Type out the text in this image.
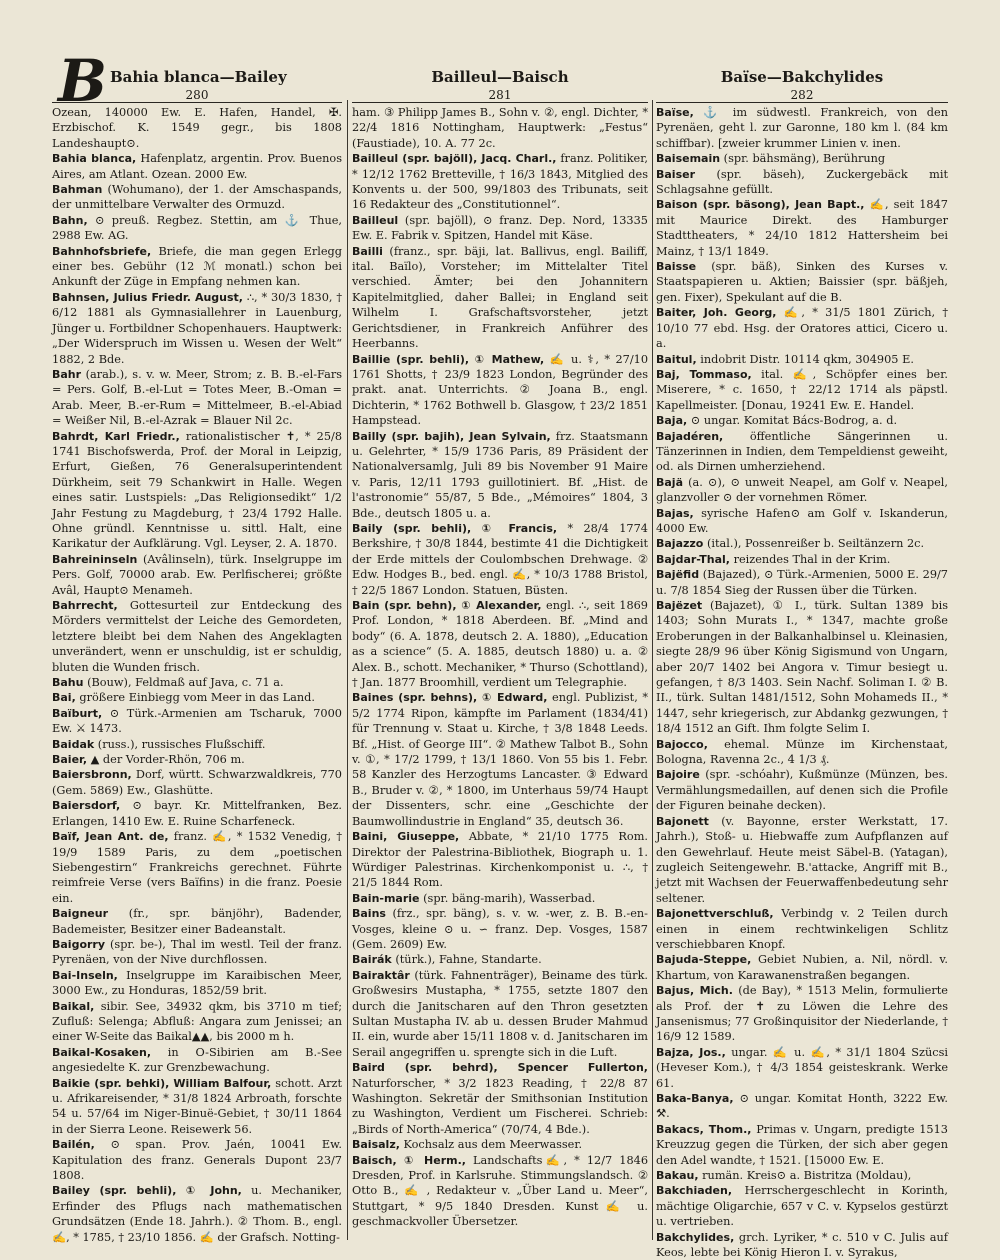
B Bahia blanca—Bailey
280

Ozean, 140000 Ew. E. Hafen, Handel, ✠. Erzbischof. K. 1549 gegr., bis 1808 Landeshaupt⊙.

Bahia blanca, Hafenplatz, argentin. Prov. Buenos Aires, am Atlant. Ozean. 2000 Ew.

Bahman (Wohumano), der 1. der Amschaspands, der unmittelbare Verwalter des Ormuzd.

Bahn, ⊙ preuß. Regbez. Stettin, am ⚓ Thue, 2988 Ew. AG.

Bahnhofsbriefe, Briefe, die man gegen Erlegg einer bes. Gebühr (12 ℳ monatl.) schon bei Ankunft der Züge in Empfang nehmen kan.

Bahnsen, Julius Friedr. August, ∴, * 30/3 1830, † 6/12 1881 als Gymnasiallehrer in Lauenburg, Jünger u. Fortbildner Schopenhauers. Hauptwerk: „Der Widerspruch im Wissen u. Wesen der Welt“ 1882, 2 Bde.

Bahr (arab.), s. v. w. Meer, Strom; z. B. B.-el-Fars = Pers. Golf, B.-el-Lut = Totes Meer, B.-Oman = Arab. Meer, B.-er-Rum = Mittelmeer, B.-el-Abiad = Weißer Nil, B.-el-Azrak = Blauer Nil 2c.

Bahrdt, Karl Friedr., rationalistischer ✝, * 25/8 1741 Bischofswerda, Prof. der Moral in Leipzig, Erfurt, Gießen, 76 Generalsuperintendent Dürkheim, seit 79 Schankwirt in Halle. Wegen eines satir. Lustspiels: „Das Religionsedikt“ 1/2 Jahr Festung zu Magdeburg, † 23/4 1792 Halle. Ohne gründl. Kenntnisse u. sittl. Halt, eine Karikatur der Aufklärung. Vgl. Leyser, 2. A. 1870.

Bahreininseln (Avâlinseln), türk. Inselgruppe im Pers. Golf, 70000 arab. Ew. Perlfischerei; größte Avâl, Haupt⊙ Menameh.

Bahrrecht, Gottesurteil zur Entdeckung des Mörders vermittelst der Leiche des Gemordeten, letztere bleibt bei dem Nahen des Angeklagten unverändert, wenn er unschuldig, ist er schuldig, bluten die Wunden frisch.

Bahu (Bouw), Feldmaß auf Java, c. 71 a.

Bai, größere Einbiegg vom Meer in das Land.

Baïburt, ⊙ Türk.-Armenien am Tscharuk, 7000 Ew. ⚔ 1473.

Baidak (russ.), russisches Flußschiff.

Baier, ▲ der Vorder-Rhön, 706 m.

Baiersbronn, Dorf, württ. Schwarzwaldkreis, 770 (Gem. 5869) Ew., Glashütte.

Baiersdorf, ⊙ bayr. Kr. Mittelfranken, Bez. Erlangen, 1410 Ew. E. Ruine Scharfeneck.

Baïf, Jean Ant. de, franz. ✍, * 1532 Venedig, † 19/9 1589 Paris, zu dem „poetischen Siebengestirn“ Frankreichs gerechnet. Führte reimfreie Verse (vers Baïfins) in die franz. Poesie ein.

Baigneur (fr., spr. bänjöhr), Badender, Bademeister, Besitzer einer Badeanstalt.

Baigorry (spr. be-), Thal im westl. Teil der franz. Pyrenäen, von der Nive durchflossen.

Bai-Inseln, Inselgruppe im Karaibischen Meer, 3000 Ew., zu Honduras, 1852/59 brit.

Baikal, sibir. See, 34932 qkm, bis 3710 m tief; Zufluß: Selenga; Abfluß: Angara zum Jenissei; an einer W-Seite das Baikal▲▲, bis 2000 m h.

Baikal-Kosaken, in O-Sibirien am B.-See angesiedelte K. zur Grenzbewachung.

Baikie (spr. behki), William Balfour, schott. Arzt u. Afrikareisender, * 31/8 1824 Arbroath, forschte 54 u. 57/64 im Niger-Binuë-Gebiet, † 30/11 1864 in der Sierra Leone. Reisewerk 56.

Bailén, ⊙ span. Prov. Jaén, 10041 Ew. Kapitulation des franz. Generals Dupont 23/7 1808.

Bailey (spr. behli), ① John, u. Mechaniker, Erfinder des Pflugs nach mathematischen Grundsätzen (Ende 18. Jahrh.). ② Thom. B., engl. ✍, * 1785, † 23/10 1856. ✍ der Grafsch. Notting-

Bailleul—Baisch
281

ham. ③ Philipp James B., Sohn v. ②, engl. Dichter, * 22/4 1816 Nottingham, Hauptwerk: „Festus“ (Faustiade), 10. A. 77 2c.

Bailleul (spr. bajöll), Jacq. Charl., franz. Politiker, * 12/12 1762 Bretteville, † 16/3 1843, Mitglied des Konvents u. der 500, 99/1803 des Tribunats, seit 16 Redakteur des „Constitutionnel“.

Bailleul (spr. bajöll), ⊙ franz. Dep. Nord, 13335 Ew. E. Fabrik v. Spitzen, Handel mit Käse.

Bailli (franz., spr. bäji, lat. Ballivus, engl. Bailiff, ital. Baïlo), Vorsteher; im Mittelalter Titel verschied. Ämter; bei den Johannitern Kapitelmitglied, daher Ballei; in England seit Wilhelm I. Grafschaftsvorsteher, jetzt Gerichtsdiener, in Frankreich Anführer des Heerbanns.

Baillie (spr. behli), ① Mathew, ✍ u. ⚕, * 27/10 1761 Shotts, † 23/9 1823 London, Begründer des prakt. anat. Unterrichts. ② Joana B., engl. Dichterin, * 1762 Bothwell b. Glasgow, † 23/2 1851 Hampstead.

Bailly (spr. bajih), Jean Sylvain, frz. Staatsmann u. Gelehrter, * 15/9 1736 Paris, 89 Präsident der Nationalversamlg, Juli 89 bis November 91 Maire v. Paris, 12/11 1793 guillotiniert. Bf. „Hist. de l'astronomie“ 55/87, 5 Bde., „Mémoires“ 1804, 3 Bde., deutsch 1805 u. a.

Baily (spr. behli), ① Francis, * 28/4 1774 Berkshire, † 30/8 1844, bestimte 41 die Dichtigkeit der Erde mittels der Coulombschen Drehwage. ② Edw. Hodges B., bed. engl. ✍, * 10/3 1788 Bristol, † 22/5 1867 London. Statuen, Büsten.

Bain (spr. behn), ① Alexander, engl. ∴, seit 1869 Prof. London, * 1818 Aberdeen. Bf. „Mind and body“ (6. A. 1878, deutsch 2. A. 1880), „Education as a science“ (5. A. 1885, deutsch 1880) u. a. ② Alex. B., schott. Mechaniker, * Thurso (Schottland), † Jan. 1877 Broomhill, verdient um Telegraphie.

Baines (spr. behns), ① Edward, engl. Publizist, * 5/2 1774 Ripon, kämpfte im Parlament (1834/41) für Trennung v. Staat u. Kirche, † 3/8 1848 Leeds. Bf. „Hist. of George III“. ② Mathew Talbot B., Sohn v. ①, * 17/2 1799, † 13/1 1860. Von 55 bis 1. Febr. 58 Kanzler des Herzogtums Lancaster. ③ Edward B., Bruder v. ②, * 1800, im Unterhaus 59/74 Haupt der Dissenters, schr. eine „Geschichte der Baumwollindustrie in England“ 35, deutsch 36.

Baini, Giuseppe, Abbate, * 21/10 1775 Rom. Direktor der Palestrina-Bibliothek, Biograph u. 1. Würdiger Palestrinas. Kirchenkomponist u. ∴, † 21/5 1844 Rom.

Bain-marie (spr. bäng-marih), Wasserbad.

Bains (frz., spr. bäng), s. v. w. -wer, z. B. B.-en-Vosges, kleine ⊙ u. ∽ franz. Dep. Vosges, 1587 (Gem. 2609) Ew.

Bairák (türk.), Fahne, Standarte.

Bairaktâr (türk. Fahnenträger), Beiname des türk. Großwesirs Mustapha, * 1755, setzte 1807 den durch die Janitscharen auf den Thron gesetzten Sultan Mustapha IV. ab u. dessen Bruder Mahmud II. ein, wurde aber 15/11 1808 v. d. Janitscharen im Serail angegriffen u. sprengte sich in die Luft.

Baird (spr. behrd), Spencer Fullerton, Naturforscher, * 3/2 1823 Reading, † 22/8 87 Washington. Sekretär der Smithsonian Institution zu Washington, Verdient um Fischerei. Schrieb: „Birds of North-America“ (70/74, 4 Bde.).

Baisalz, Kochsalz aus dem Meerwasser.

Baisch, ① Herm., Landschafts✍, * 12/7 1846 Dresden, Prof. in Karlsruhe. Stimmungslandsch. ② Otto B., ✍ , Redakteur v. „Über Land u. Meer“, Stuttgart, * 9/5 1840 Dresden. Kunst✍ u. geschmackvoller Übersetzer.

Baïse—Bakchylides
282

Baïse, ⚓ im südwestl. Frankreich, von den Pyrenäen, geht l. zur Garonne, 180 km l. (84 km schiffbar). [zweier krummer Linien v. inen.

Baisemain (spr. bähsmäng), Berührung

Baiser (spr. bäseh), Zuckergebäck mit Schlagsahne gefüllt.

Baison (spr. bäsong), Jean Bapt., ✍, seit 1847 mit Maurice Direkt. des Hamburger Stadttheaters, * 24/10 1812 Hattersheim bei Mainz, † 13/1 1849.

Baisse (spr. bäß), Sinken des Kurses v. Staatspapieren u. Aktien; Baissier (spr. bäßjeh, gen. Fixer), Spekulant auf die B.

Baiter, Joh. Georg, ✍, * 31/5 1801 Zürich, † 10/10 77 ebd. Hsg. der Oratores attici, Cicero u. a.

Baitul, indobrit Distr. 10114 qkm, 304905 E.

Baj, Tommaso, ital. ✍, Schöpfer eines ber. Miserere, * c. 1650, † 22/12 1714 als päpstl. Kapellmeister. [Donau, 19241 Ew. E. Handel.

Baja, ⊙ ungar. Komitat Bács-Bodrog, a. d.

Bajadéren, öffentliche Sängerinnen u. Tänzerinnen in Indien, dem Tempeldienst geweiht, od. als Dirnen umherziehend.

Bajä (a. ⊙), ⊙ unweit Neapel, am Golf v. Neapel, glanzvoller ⊙ der vornehmen Römer.

Bajas, syrische Hafen⊙ am Golf v. Iskanderun, 4000 Ew.

Bajazzo (ital.), Possenreißer b. Seiltänzern 2c.

Bajdar-Thal, reizendes Thal in der Krim.

Bajëfid (Bajazed), ⊙ Türk.-Armenien, 5000 E. 29/7 u. 7/8 1854 Sieg der Russen über die Türken.

Bajëzet (Bajazet), ① I., türk. Sultan 1389 bis 1403; Sohn Murats I., * 1347, machte große Eroberungen in der Balkanhalbinsel u. Kleinasien, siegte 28/9 96 über König Sigismund von Ungarn, aber 20/7 1402 bei Angora v. Timur besiegt u. gefangen, † 8/3 1403. Sein Nachf. Soliman I. ② B. II., türk. Sultan 1481/1512, Sohn Mohameds II., * 1447, sehr kriegerisch, zur Abdankg gezwungen, † 18/4 1512 an Gift. Ihm folgte Selim I.

Bajocco, ehemal. Münze im Kirchenstaat, Bologna, Ravenna 2c., 4 1/3 ₰.

Bajoire (spr. -schóahr), Kußmünze (Münzen, bes. Vermählungsmedaillen, auf denen sich die Profile der Figuren beinahe decken).

Bajonett (v. Bayonne, erster Werkstatt, 17. Jahrh.), Stoß- u. Hiebwaffe zum Aufpflanzen auf den Gewehrlauf. Heute meist Säbel-B. (Yatagan), zugleich Seitengewehr. B.'attacke, Angriff mit B., jetzt mit Wachsen der Feuerwaffenbedeutung sehr seltener.

Bajonettverschluß, Verbindg v. 2 Teilen durch einen in einem rechtwinkeligen Schlitz verschiebbaren Knopf.

Bajuda-Steppe, Gebiet Nubien, a. Nil, nördl. v. Khartum, von Karawanenstraßen begangen.

Bajus, Mich. (de Bay), * 1513 Melin, formulierte als Prof. der ✝ zu Löwen die Lehre des Jansenismus; 77 Großinquisitor der Niederlande, † 16/9 12 1589.

Bajza, Jos., ungar. ✍ u. ✍, * 31/1 1804 Szücsi (Heveser Kom.), † 4/3 1854 geisteskrank. Werke 61.

Baka-Banya, ⊙ ungar. Komitat Honth, 3222 Ew. ⚒.

Bakacs, Thom., Primas v. Ungarn, predigte 1513 Kreuzzug gegen die Türken, der sich aber gegen den Adel wandte, † 1521. [15000 Ew. E.

Bakau, rumän. Kreis⊙ a. Bistritza (Moldau),

Bakchiaden, Herrschergeschlecht in Korinth, mächtige Oligarchie, 657 v C. v. Kypselos gestürzt u. vertrieben.

Bakchylides, grch. Lyriker, * c. 510 v C. Julis auf Keos, lebte bei König Hieron I. v. Syrakus,
